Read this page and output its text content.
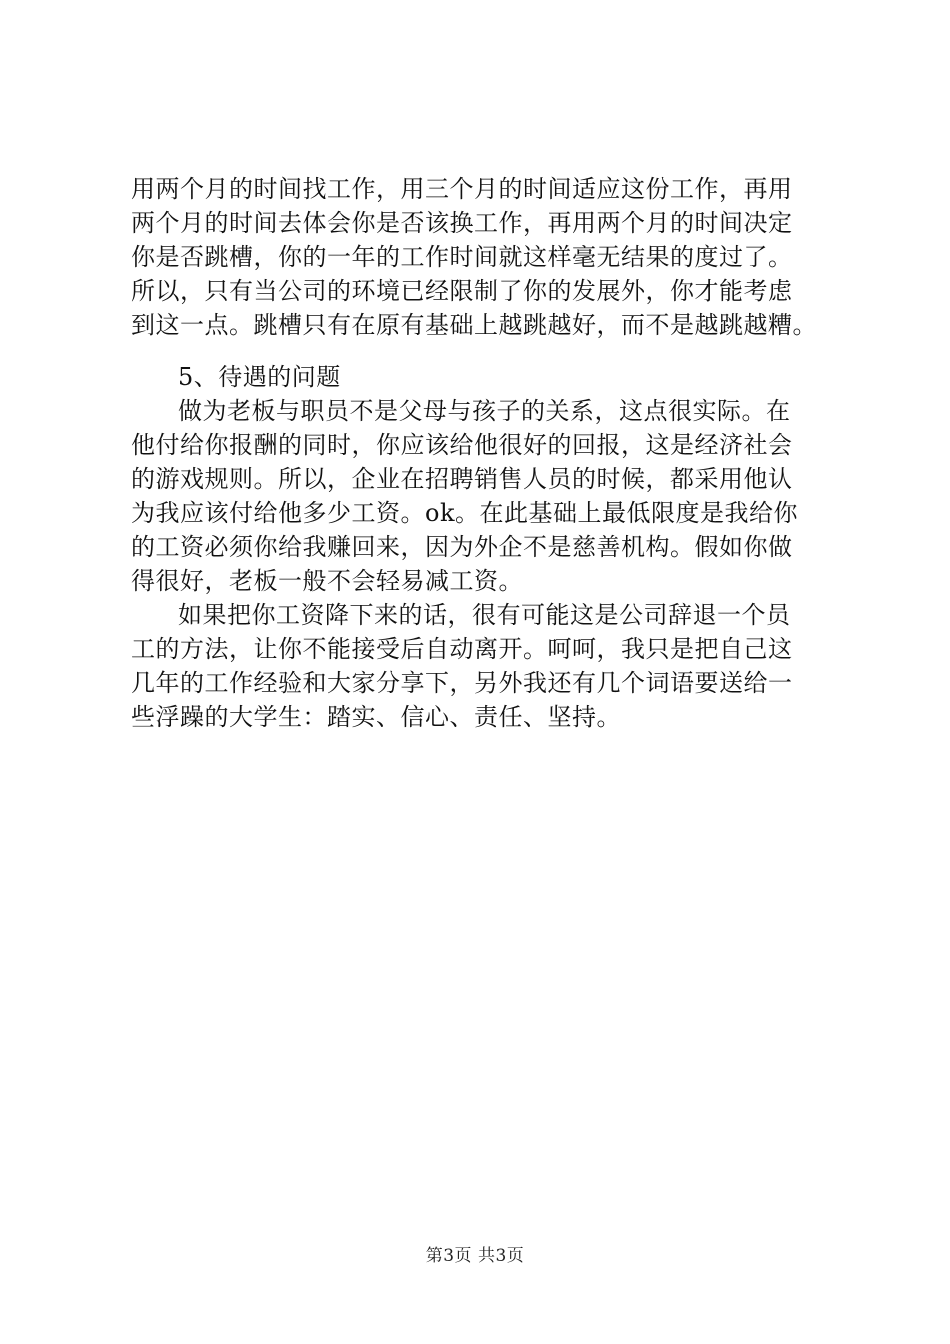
用两个月的时间找工作，用三个月的时间适应这份工作，再用
两个月的时间去体会你是否该换工作，再用两个月的时间决定
你是否跳槽，你的一年的工作时间就这样毫无结果的度过了。
所以，只有当公司的环境已经限制了你的发展外，你才能考虑
到这一点。跳槽只有在原有基础上越跳越好，而不是越跳越糟。
5、待遇的问题
做为老板与职员不是父母与孩子的关系，这点很实际。在
他付给你报酬的同时，你应该给他很好的回报，这是经济社会
的游戏规则。所以，企业在招聘销售人员的时候，都采用他认
为我应该付给他多少工资。ok。在此基础上最低限度是我给你
的工资必须你给我赚回来，因为外企不是慈善机构。假如你做
得很好，老板一般不会轻易减工资。
如果把你工资降下来的话，很有可能这是公司辞退一个员
工的方法，让你不能接受后自动离开。呵呵，我只是把自己这
几年的工作经验和大家分享下，另外我还有几个词语要送给一
些浮躁的大学生：踏实、信心、责任、坚持。
第3页 共3页
